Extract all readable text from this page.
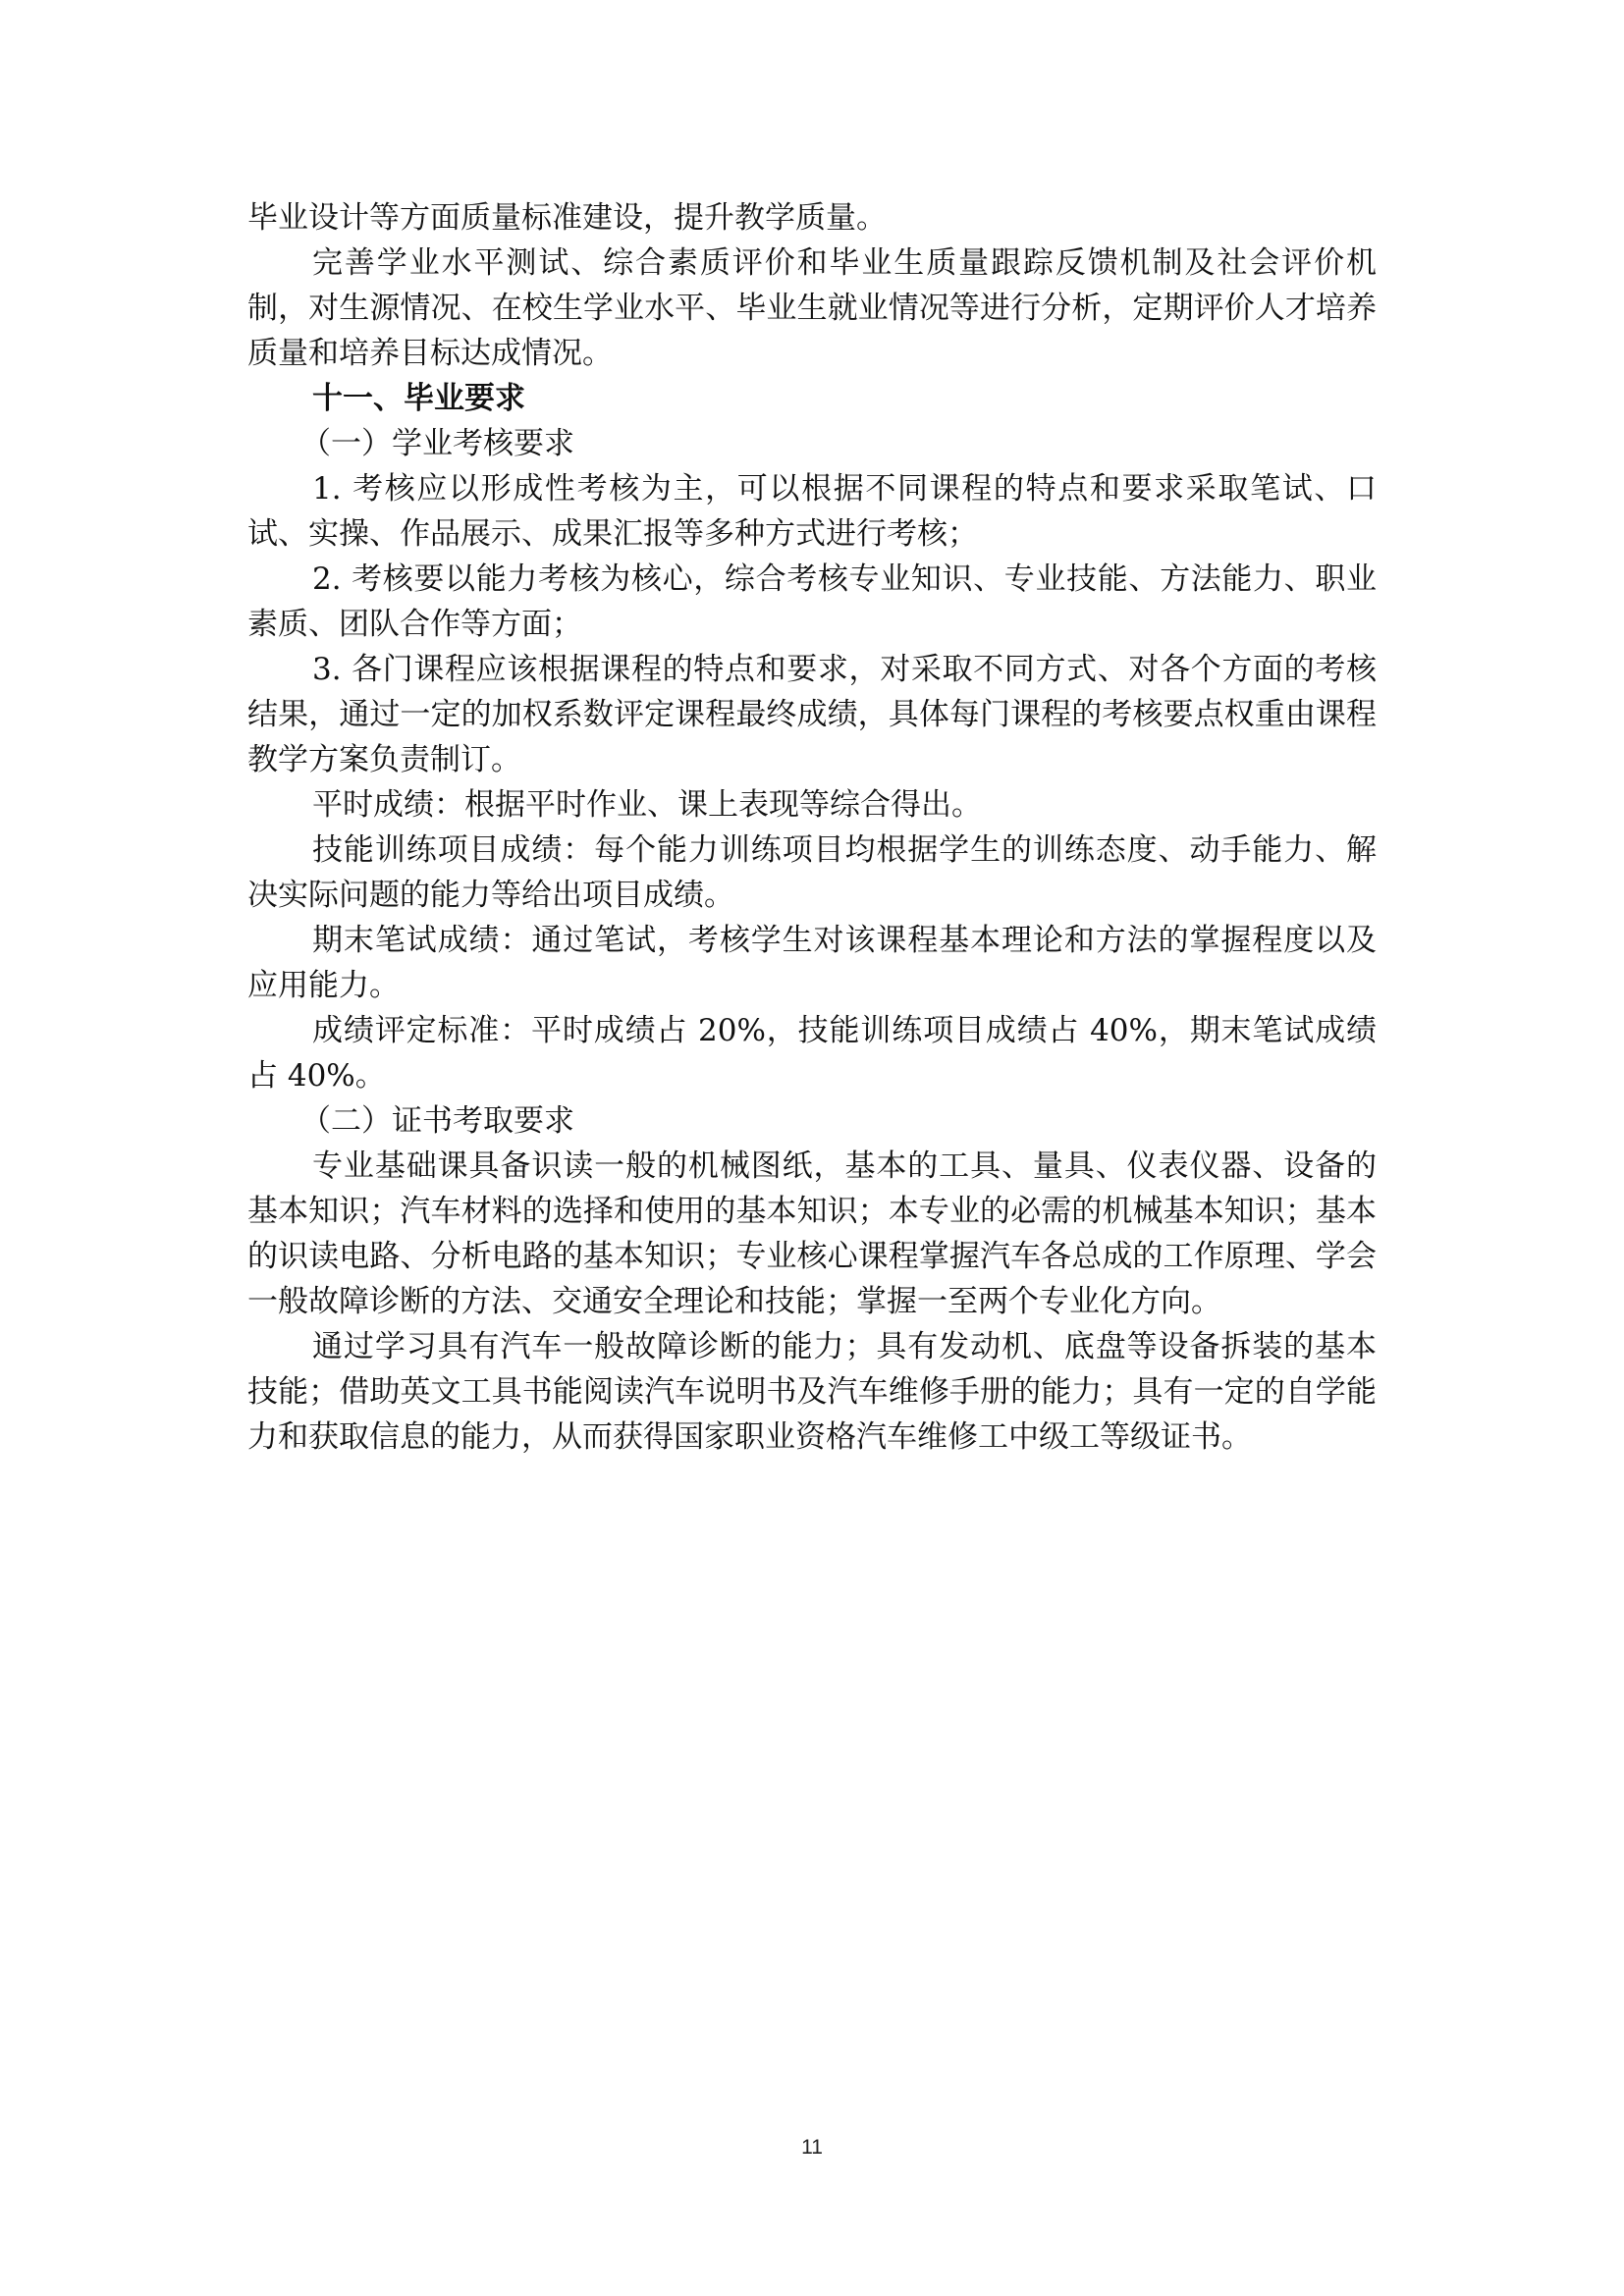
毕业设计等方面质量标准建设，提升教学质量。

完善学业水平测试、综合素质评价和毕业生质量跟踪反馈机制及社会评价机制，对生源情况、在校生学业水平、毕业生就业情况等进行分析，定期评价人才培养质量和培养目标达成情况。

十一、毕业要求

（一）学业考核要求

1. 考核应以形成性考核为主，可以根据不同课程的特点和要求采取笔试、口试、实操、作品展示、成果汇报等多种方式进行考核；

2. 考核要以能力考核为核心，综合考核专业知识、专业技能、方法能力、职业素质、团队合作等方面；

3. 各门课程应该根据课程的特点和要求，对采取不同方式、对各个方面的考核结果，通过一定的加权系数评定课程最终成绩，具体每门课程的考核要点权重由课程教学方案负责制订。

平时成绩：根据平时作业、课上表现等综合得出。

技能训练项目成绩：每个能力训练项目均根据学生的训练态度、动手能力、解决实际问题的能力等给出项目成绩。

期末笔试成绩：通过笔试，考核学生对该课程基本理论和方法的掌握程度以及应用能力。

成绩评定标准：平时成绩占 20%，技能训练项目成绩占 40%，期末笔试成绩占 40%。

（二）证书考取要求

专业基础课具备识读一般的机械图纸，基本的工具、量具、仪表仪器、设备的基本知识；汽车材料的选择和使用的基本知识；本专业的必需的机械基本知识；基本的识读电路、分析电路的基本知识；专业核心课程掌握汽车各总成的工作原理、学会一般故障诊断的方法、交通安全理论和技能；掌握一至两个专业化方向。

通过学习具有汽车一般故障诊断的能力；具有发动机、底盘等设备拆装的基本技能；借助英文工具书能阅读汽车说明书及汽车维修手册的能力；具有一定的自学能力和获取信息的能力，从而获得国家职业资格汽车维修工中级工等级证书。

11
